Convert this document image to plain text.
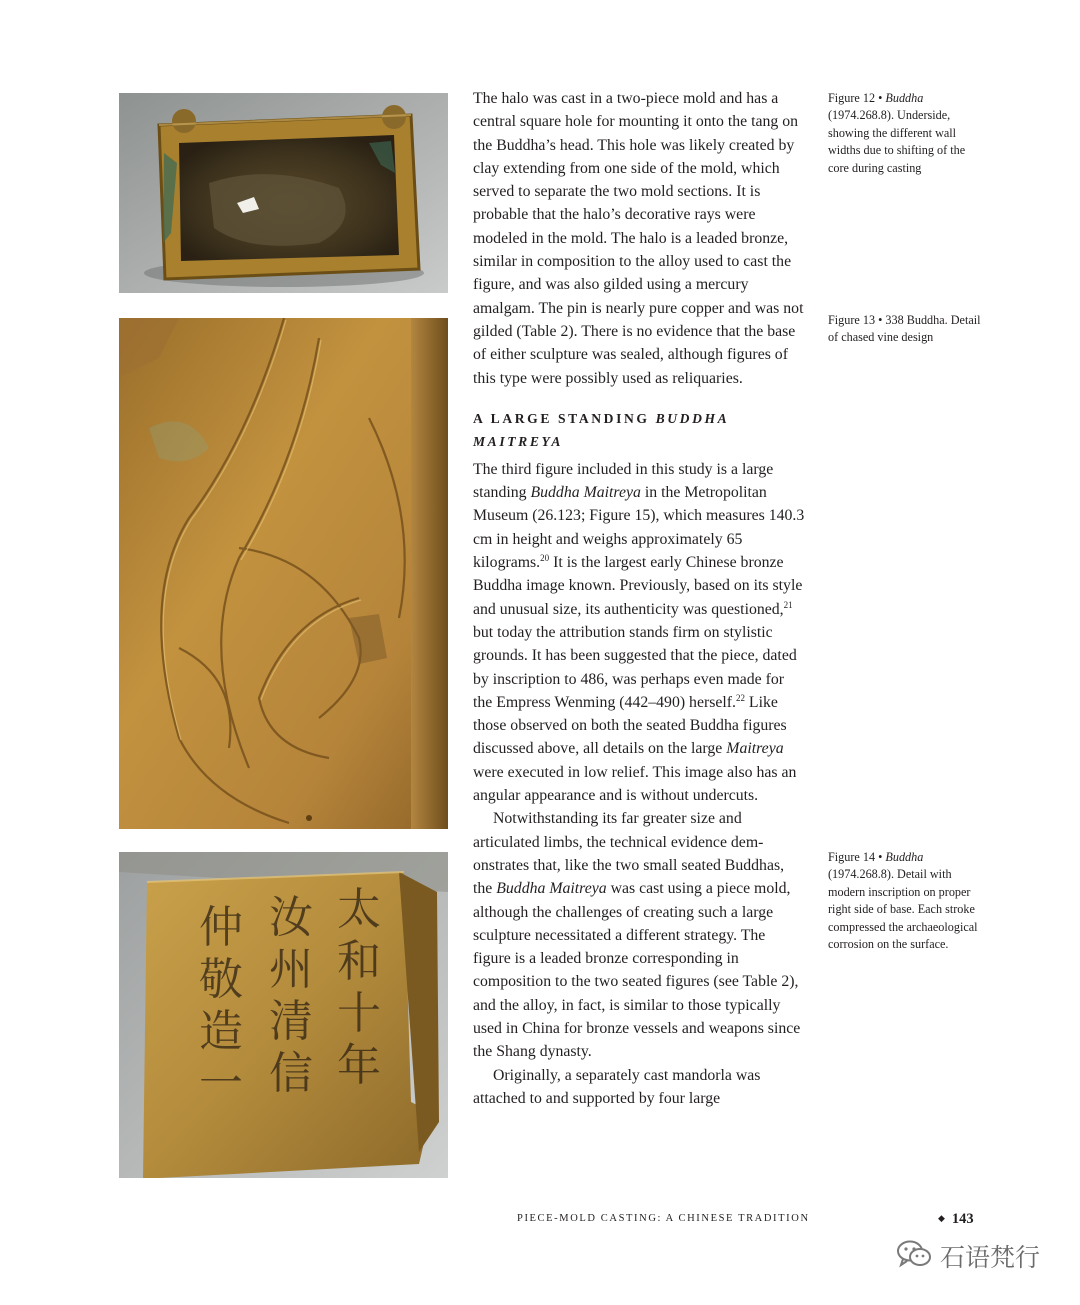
太
和
十
年
汝
州
清
信
仲
敬
造
一

The halo was cast in a two-piece mold and has a central square hole for mounting it onto the tang on the Buddha’s head. This hole was likely created by clay extending from one side of the mold, which served to separate the two mold sections. It is probable that the halo’s decorative rays were modeled in the mold. The halo is a leaded bronze, similar in composition to the alloy used to cast the figure, and was also gilded using a mercury amalgam. The pin is nearly pure copper and was not gilded (Table 2). There is no evidence that the base of either sculpture was sealed, although figures of this type were possibly used as reliquaries.

A LARGE STANDING BUDDHA MAITREYA

The third figure included in this study is a large standing Buddha Maitreya in the Metropolitan Museum (26.123; Figure 15), which measures 140.3 cm in height and weighs approximately 65 kilograms.$^{20}$ It is the largest early Chinese bronze Buddha image known. Previously, based on its style and unusual size, its authenticity was questioned,$^{21}$ but today the attribution stands firm on stylistic grounds. It has been suggested that the piece, dated by inscription to 486, was perhaps even made for the Empress Wenming (442–490) herself.$^{22}$ Like those observed on both the seated Buddha figures discussed above, all details on the large Maitreya were executed in low relief. This image also has an angular appearance and is without undercuts.

Notwithstanding its far greater size and articulated limbs, the technical evidence demonstrates that, like the two small seated Buddhas, the Buddha Maitreya was cast using a piece mold, although the challenges of creating such a large sculpture necessitated a different strategy. The figure is a leaded bronze corresponding in composition to the two seated figures (see Table 2), and the alloy, in fact, is similar to those typically used in China for bronze vessels and weapons since the Shang dynasty.

Originally, a separately cast mandorla was attached to and supported by four large

Figure 12 • Buddha (1974.268.8). Underside, showing the different wall widths due to shifting of the core during casting
Figure 13 • 338 Buddha. Detail of chased vine design
Figure 14 • Buddha (1974.268.8). Detail with modern inscription on proper right side of base. Each stroke compressed the archaeological corrosion on the surface.
PIECE-MOLD CASTING: A CHINESE TRADITION	◆ 143
石语梵行
